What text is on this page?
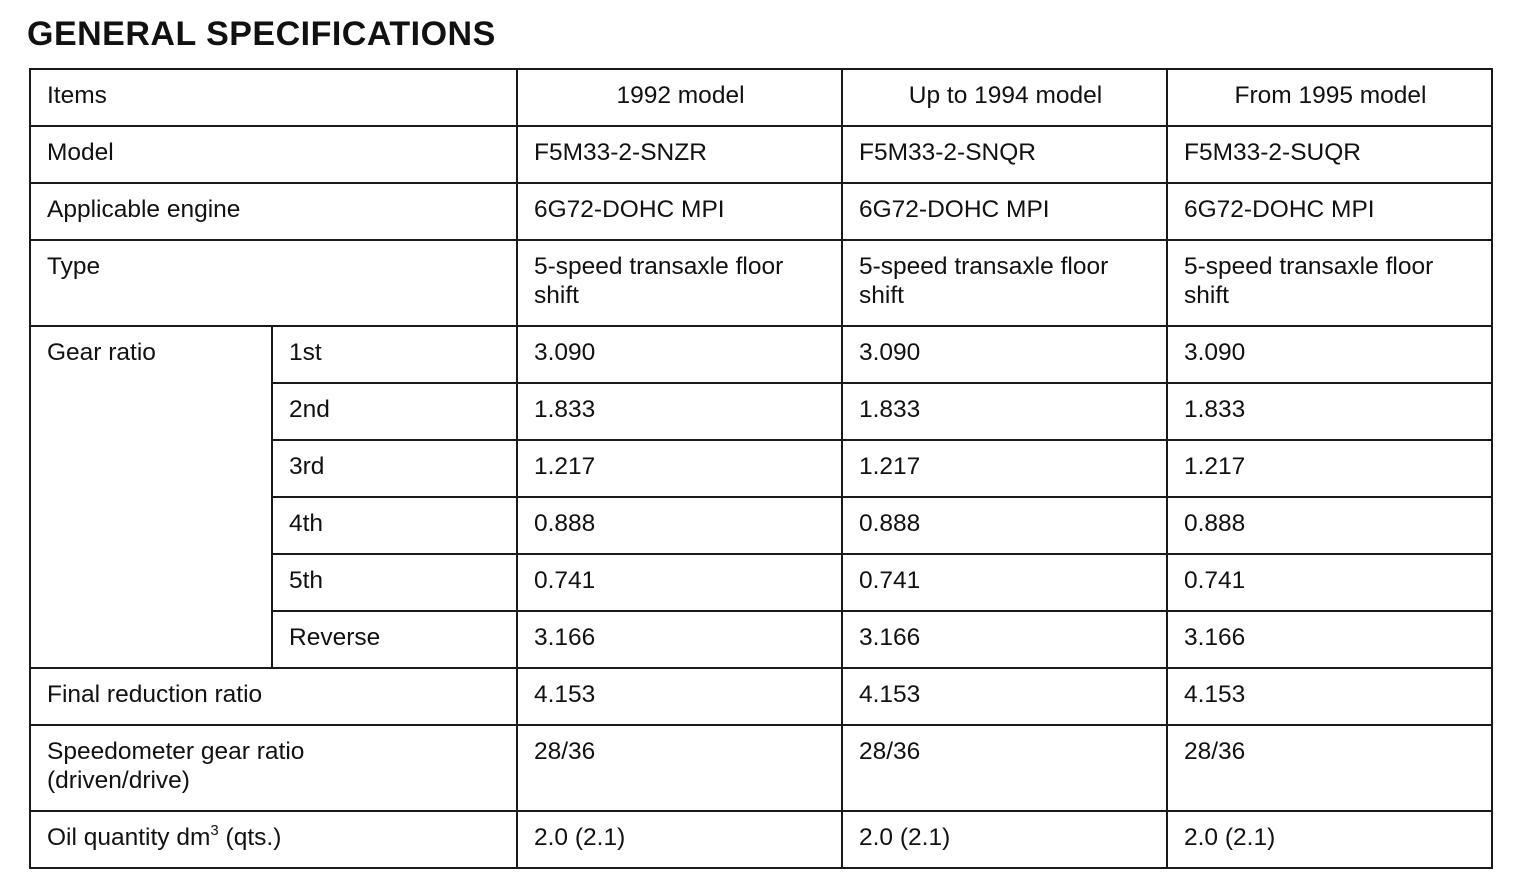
GENERAL SPECIFICATIONS
Items		1992 model	Up to 1994 model	From 1995 model
Model		F5M33-2-SNZR	F5M33-2-SNQR	F5M33-2-SUQR
Applicable engine		6G72-DOHC MPI	6G72-DOHC MPI	6G72-DOHC MPI
Type		5-speed transaxle floor shift	5-speed transaxle floor shift	5-speed transaxle floor shift
Gear ratio	1st	3.090	3.090	3.090
	2nd	1.833	1.833	1.833
	3rd	1.217	1.217	1.217
	4th	0.888	0.888	0.888
	5th	0.741	0.741	0.741
	Reverse	3.166	3.166	3.166
Final reduction ratio		4.153	4.153	4.153
Speedometer gear ratio
(driven/drive)		28/36	28/36	28/36
Oil quantity $dm^3$ (qts.)		2.0 (2.1)	2.0 (2.1)	2.0 (2.1)
